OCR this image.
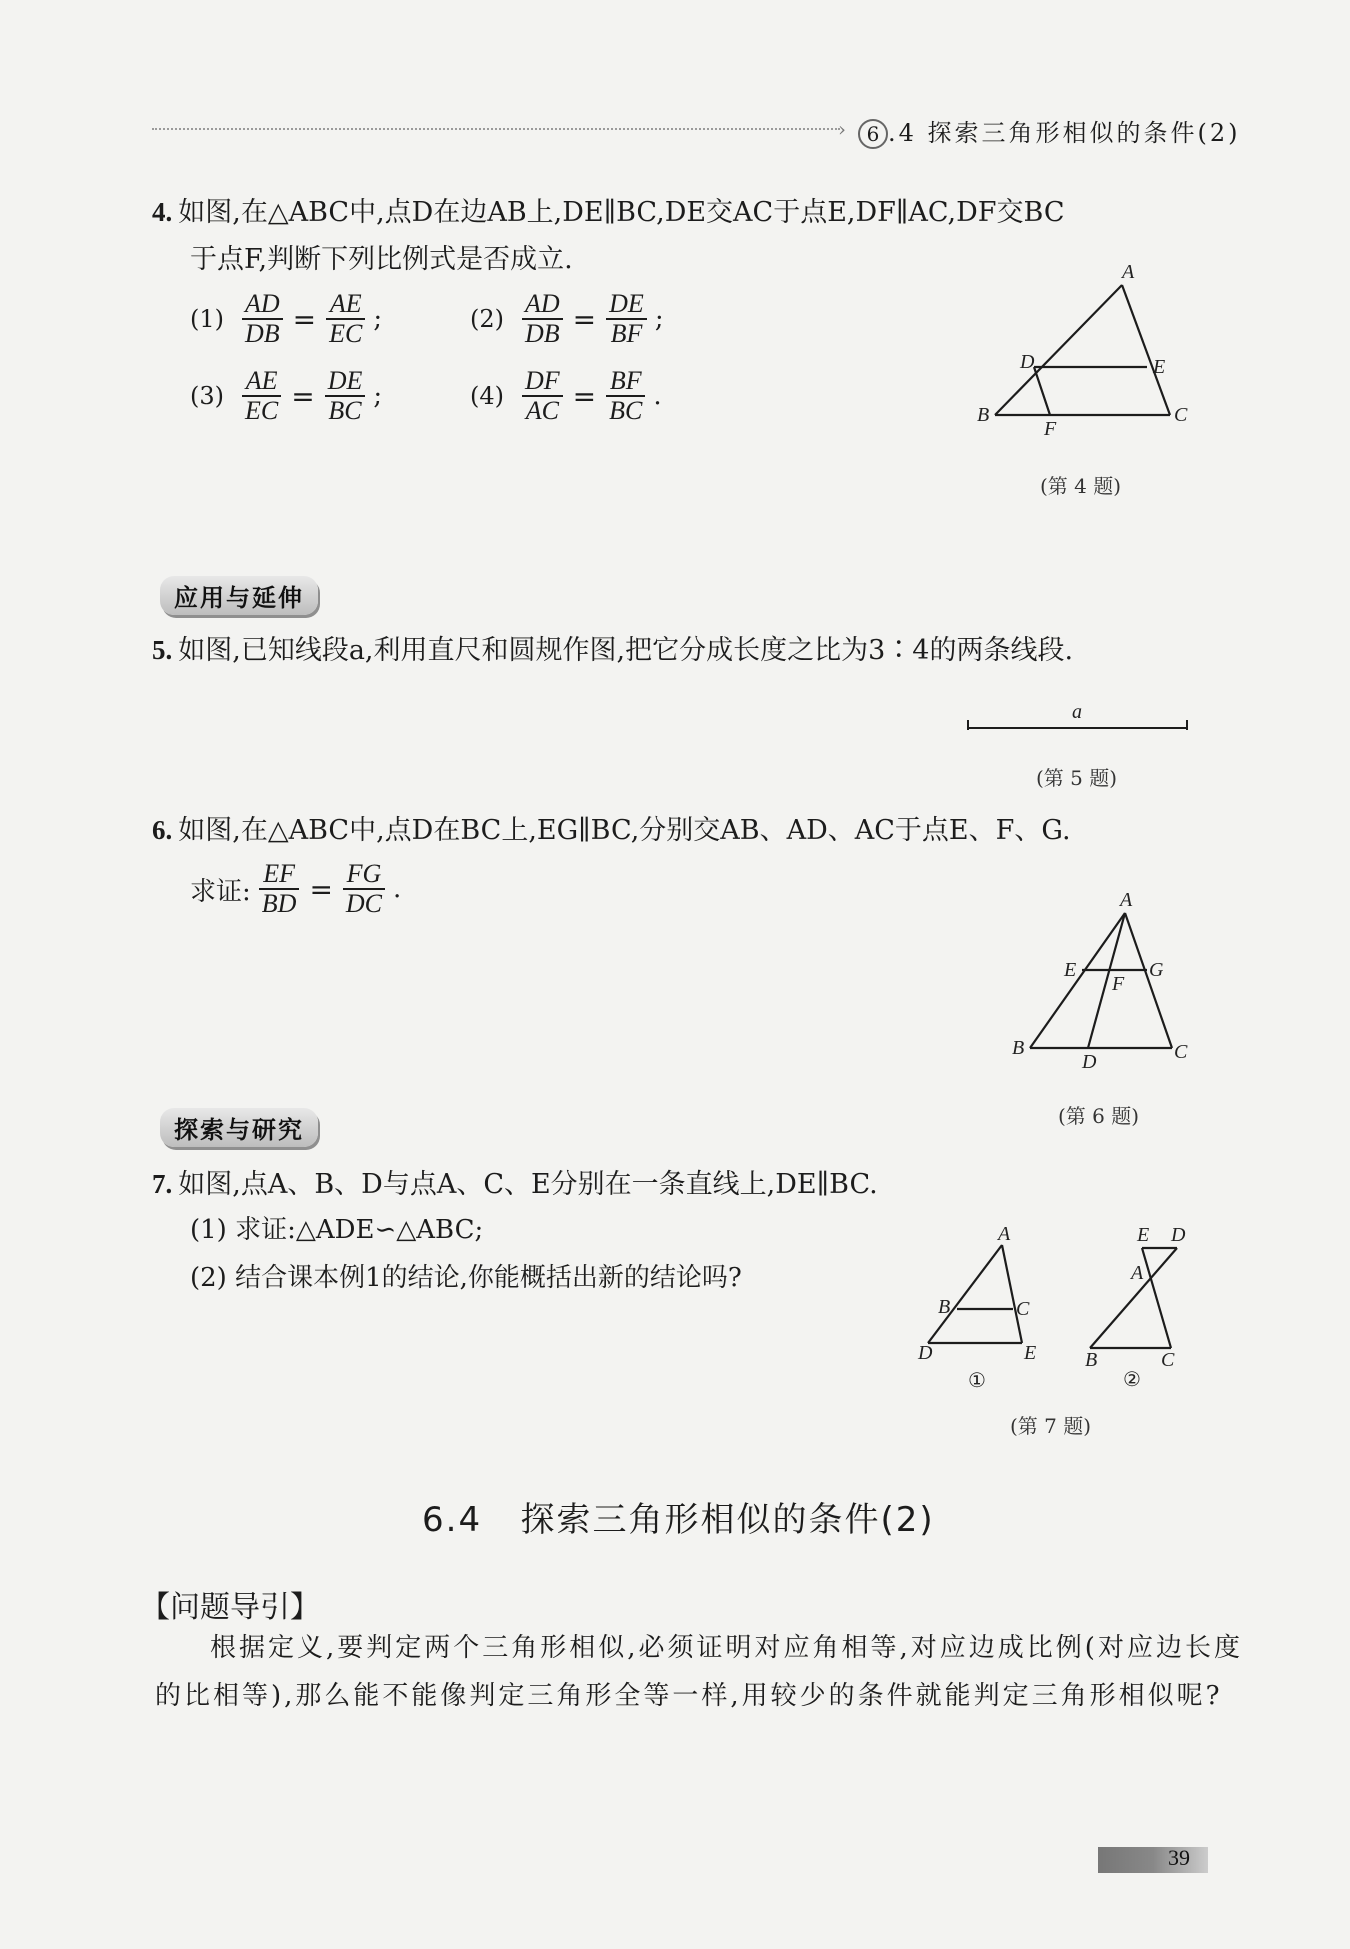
›	6 .4 探索三角形相似的条件(2)
4. 如图,在△ABC中,点D在边AB上,DE∥BC,DE交AC于点E,DF∥AC,DF交BC
于点F,判断下列比例式是否成立.
$(1) \frac{AD}{DB} = \frac{AE}{EC}$ ;	$(2) \frac{AD}{DB} = \frac{DE}{BF}$ ;
$(3) \frac{AE}{EC} = \frac{DE}{BC}$ ;	$(4) \frac{DF}{AC} = \frac{BF}{BC}$ .
A
B	C
D	E
F
(第 4 题)
应用与延伸
5. 如图,已知线段a,利用直尺和圆规作图,把它分成长度之比为3∶4的两条线段.
a
(第 5 题)
6. 如图,在△ABC中,点D在BC上,EG∥BC,分别交AB、AD、AC于点E、F、G.
求证: $\frac{EF}{BD} = \frac{FG}{DC}$ .	A
B	C
D
E
F
G
(第 6 题)
探索与研究
7. 如图,点A、B、D与点A、C、E分别在一条直线上,DE∥BC.
(1) 求证:△ADE∽△ABC;
(2) 结合课本例1的结论,你能概括出新的结论吗?
A
B	C
D	E
①
E D
A
B	C
②
(第 7 题)
6.4 探索三角形相似的条件(2)
【问题导引】
根据定义,要判定两个三角形相似,必须证明对应角相等,对应边成比例(对应边长度
的比相等),那么能不能像判定三角形全等一样,用较少的条件就能判定三角形相似呢?
39
